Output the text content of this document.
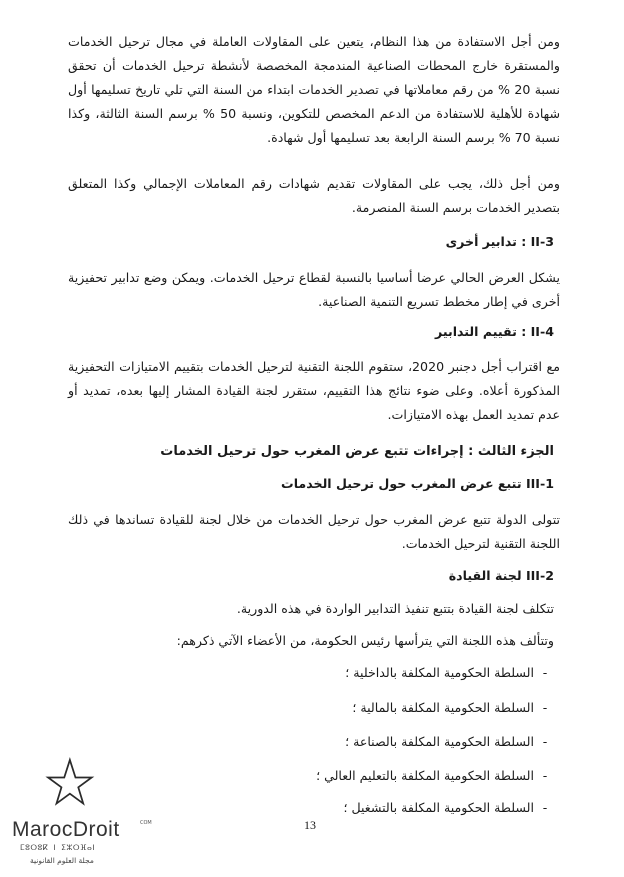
ومن أجل الاستفادة من هذا النظام، يتعين على المقاولات العاملة في مجال ترحيل الخدمات والمستقرة خارج المحطات الصناعية المندمجة المخصصة لأنشطة ترحيل الخدمات أن تحقق نسبة 20 % من رقم معاملاتها في تصدير الخدمات ابتداء من السنة التي تلي تاريخ تسليمها أول شهادة للأهلية للاستفادة من الدعم المخصص للتكوين، ونسبة 50 % برسم السنة الثالثة، وكذا نسبة 70 % برسم السنة الرابعة بعد تسليمها أول شهادة.
ومن أجل ذلك، يجب على المقاولات تقديم شهادات رقم المعاملات الإجمالي وكذا المتعلق بتصدير الخدمات برسم السنة المنصرمة.
II-3 : تدابير أخرى
يشكل العرض الحالي عرضا أساسيا بالنسبة لقطاع ترحيل الخدمات. ويمكن وضع تدابير تحفيزية أخرى في إطار مخطط تسريع التنمية الصناعية.
II-4 : تقييم التدابير
مع اقتراب أجل دجنبر 2020، ستقوم اللجنة التقنية لترحيل الخدمات بتقييم الامتيازات التحفيزية المذكورة أعلاه. وعلى ضوء نتائج هذا التقييم، ستقرر لجنة القيادة المشار إليها بعده، تمديد أو عدم تمديد العمل بهذه الامتيازات.
الجزء الثالث : إجراءات تتبع عرض المغرب حول ترحيل الخدمات
III-1 تتبع عرض المغرب حول ترحيل الخدمات
تتولى الدولة تتبع عرض المغرب حول ترحيل الخدمات من خلال لجنة للقيادة تساندها في ذلك اللجنة التقنية لترحيل الخدمات.
III-2 لجنة القيادة
تتكلف لجنة القيادة بتتبع تنفيذ التدابير الواردة في هذه الدورية.
وتتألف هذه اللجنة التي يترأسها رئيس الحكومة، من الأعضاء الآتي ذكرهم:
-السلطة الحكومية المكلفة بالداخلية ؛
-السلطة الحكومية المكلفة بالمالية ؛
-السلطة الحكومية المكلفة بالصناعة ؛
-السلطة الحكومية المكلفة بالتعليم العالي ؛
-السلطة الحكومية المكلفة بالتشغيل ؛
13
MarocDroit	COM
ⵎⵓⵔⵓⴽ ⵏ ⵉⵣⵔⴼⴰⵏ
مجلة العلوم القانونية
